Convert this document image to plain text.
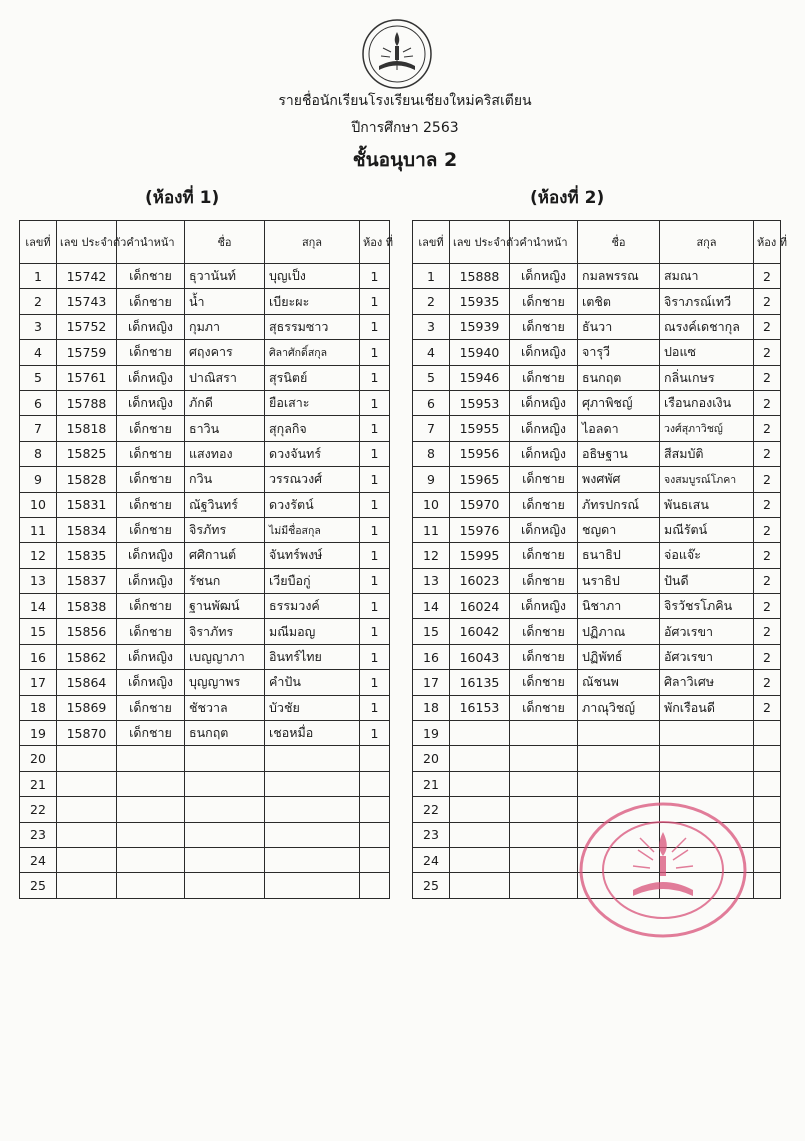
รายชื่อนักเรียนโรงเรียนเชียงใหม่คริสเตียน
ปีการศึกษา 2563
ชั้นอนุบาล 2
(ห้องที่ 1)	(ห้องที่ 2)
เลขที่	เลข ประจำตัว	คำนำหน้า	ชื่อ	สกุล	ห้อง ที่
1	15742	เด็กชาย	ธุวานันท์	บุญเป็ง	1
2	15743	เด็กชาย	น้ำ	เบียะผะ	1
3	15752	เด็กหญิง	กุมภา	สุธรรมซาว	1
4	15759	เด็กชาย	ศฤงคาร	ศิลาศักดิ์สกุล	1
5	15761	เด็กหญิง	ปาณิสรา	สุรนิตย์	1
6	15788	เด็กหญิง	ภักดี	ยือเสาะ	1
7	15818	เด็กชาย	ธาวิน	สุกุลกิจ	1
8	15825	เด็กชาย	แสงทอง	ดวงจันทร์	1
9	15828	เด็กชาย	กวิน	วรรณวงศ์	1
10	15831	เด็กชาย	ณัฐวินทร์	ดวงรัตน์	1
11	15834	เด็กชาย	จิรภัทร	ไม่มีชื่อสกุล	1
12	15835	เด็กหญิง	ศศิกานต์	จันทร์พงษ์	1
13	15837	เด็กหญิง	รัชนก	เวียบือกู่	1
14	15838	เด็กชาย	ฐานพัฒน์	ธรรมวงค์	1
15	15856	เด็กชาย	จิราภัทร	มณีมอญ	1
16	15862	เด็กหญิง	เบญญาภา	อินทร์ไทย	1
17	15864	เด็กหญิง	บุญญาพร	คำปัน	1
18	15869	เด็กชาย	ชัชวาล	บัวชัย	1
19	15870	เด็กชาย	ธนกฤต	เชอหมื่อ	1
20					
21					
22					
23					
24					
25					
เลขที่	เลข ประจำตัว	คำนำหน้า	ชื่อ	สกุล	ห้อง ที่
1	15888	เด็กหญิง	กมลพรรณ	สมณา	2
2	15935	เด็กชาย	เตชิต	จิราภรณ์เทวี	2
3	15939	เด็กชาย	ธันวา	ณรงค์เดชากุล	2
4	15940	เด็กหญิง	จารุวี	ปอแซ	2
5	15946	เด็กชาย	ธนกฤต	กลิ่นเกษร	2
6	15953	เด็กหญิง	ศุภาพิชญ์	เรือนกองเงิน	2
7	15955	เด็กหญิง	ไอลดา	วงศ์สุภาวิชญ์	2
8	15956	เด็กหญิง	อธิษฐาน	สีสมบัติ	2
9	15965	เด็กชาย	พงศพัศ	จงสมบูรณ์โภคา	2
10	15970	เด็กชาย	ภัทรปกรณ์	พันธเสน	2
11	15976	เด็กหญิง	ชญดา	มณีรัตน์	2
12	15995	เด็กชาย	ธนาธิป	จ่อแจ๊ะ	2
13	16023	เด็กชาย	นราธิป	ปันดี	2
14	16024	เด็กหญิง	นิชาภา	จิรวัชรโภคิน	2
15	16042	เด็กชาย	ปฏิภาณ	อัศวเรขา	2
16	16043	เด็กชาย	ปฏิพัทธ์	อัศวเรขา	2
17	16135	เด็กชาย	ณัชนพ	ศิลาวิเศษ	2
18	16153	เด็กชาย	ภาณุวิชญ์	พักเรือนดี	2
19					
20					
21					
22					
23					
24					
25					
